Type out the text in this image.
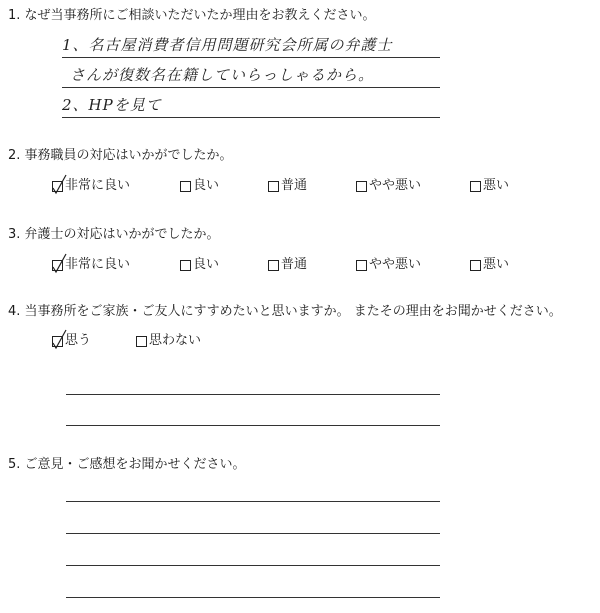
1. なぜ当事務所にご相談いただいたか理由をお教えください。
1、名古屋消費者信用問題研究会所属の弁護士
さんが復数名在籍していらっしゃるから。
2、HPを見て
2. 事務職員の対応はいかがでしたか。
非常に良い	良い	普通	やや悪い	悪い
3. 弁護士の対応はいかがでしたか。
非常に良い	良い	普通	やや悪い	悪い
4. 当事務所をご家族・ご友人にすすめたいと思いますか。 またその理由をお聞かせください。
思う	思わない
5. ご意見・ご感想をお聞かせください。
